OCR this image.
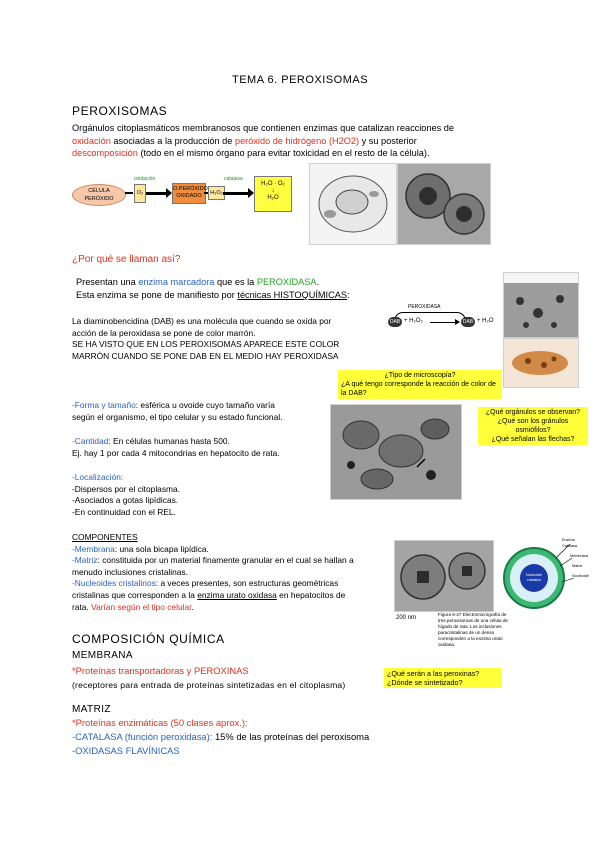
TEMA 6. PEROXISOMAS
PEROXISOMAS
Orgánulos citoplasmáticos membranosos que contienen enzimas que catalizan reacciones de
oxidación asociadas a la producción de peróxido de hidrógeno (H2O2) y su posterior
descomposición (todo en el mismo órgano para evitar toxicidad en el resto de la célula).
CÉLULA
PERÓXIDO
oxidación
O₂
O.PERÓXIDO
OXIDADO	H₂O₂
catalasa
H₂O · O₂
↓
H₂O
¿Por qué se llaman así?
Presentan una enzima marcadora que es la PEROXIDASA.
Esta enzima se pone de manifiesto por técnicas HISTOQUÍMICAS:
La diaminobencidina (DAB) es una molécula que cuando se oxida por
acción de la peroxidasa se pone de color marrón.
SE HA VISTO QUE EN LOS PEROXISOMAS APARECE ESTE COLOR
MARRÓN CUANDO SE PONE DAB EN EL MEDIO HAY PEROXIDASA
PEROXIDASA
DAB + H₂O₂	DAB + H₂O
¿Tipo de microscopía?
¿A qué tengo corresponde la reacción de color de la DAB?
-Forma y tamaño: esférica u ovoide cuyo tamaño varía
según el organismo, el tipo celular y su estado funcional.
-Cantidad: En células humanas hasta 500.
Ej. hay 1 por cada 4 mitocondrias en hepatocito de rata.
¿Qué orgánulos se observan?
¿Qué son los gránulos osmiófilos?
¿Qué señalan las flechas?
-Localización:
-Dispersos por el citoplasma.
-Asociados a gotas lipídicas.
-En continuidad con el REL.
COMPONENTES
-Membrana: una sola bicapa lipídica.
-Matriz: constituida por un material finamente granular en el cual se hallan a
menudo inclusiones cristalinas.
-Nucleoides cristalinos: a veces presentes, son estructuras geométricas
cristalinas que corresponden a la enzima urato oxidasa en hepatocitos de
rata. Varían según el tipo celular.
200 nm
Figura 6-27 Electromicrografía de
tres peroxisomas de una célula de
hígado de rata. Los inclusiones
paracristalinas de un denso
corresponden a la enzima urato
oxidasa.
Enzima
Catalasa
Membrana
Matriz
Nucleoide
Nucleoide
cristalino
COMPOSICIÓN QUÍMICA
MEMBRANA
*Proteínas transportadoras y PEROXINAS
(receptores para entrada de proteínas sintetizadas en el citoplasma)
¿Qué serán a las peroxinas?
¿Dónde se sintetizado?
MATRIZ
*Proteínas enzimáticas (50 clases aprox.):
-CATALASA (función peroxidasa): 15% de las proteínas del peroxisoma
-OXIDASAS FLAVÍNICAS
